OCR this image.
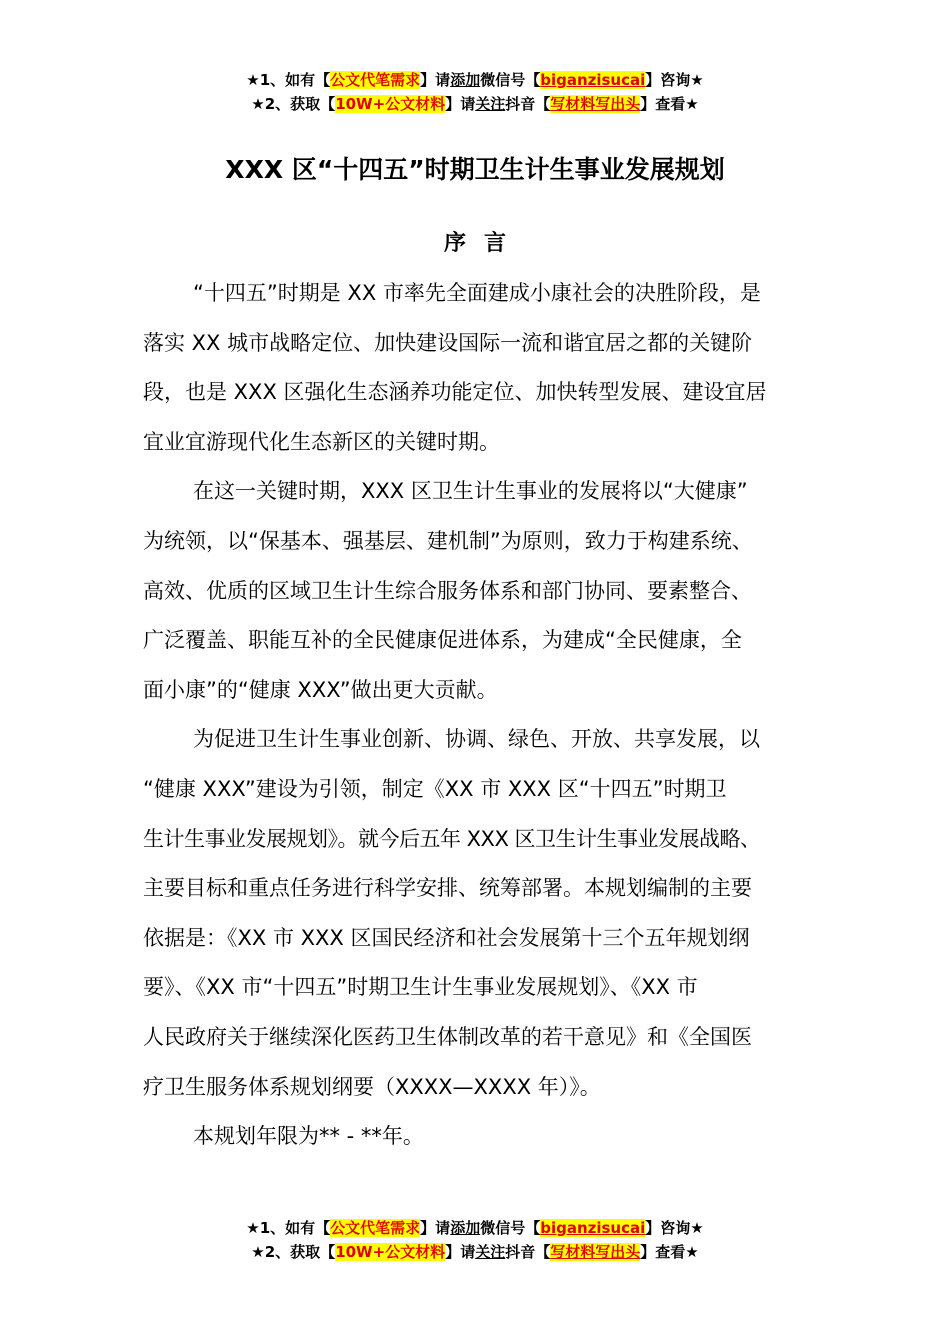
★1、如有【公文代笔需求】请添加微信号【biganzisucai】咨询★
★2、获取【10W+公文材料】请关注抖音【写材料写出头】查看★
XXX 区“十四五”时期卫生计生事业发展规划
序言
“十四五”时期是 XX 市率先全面建成小康社会的决胜阶段，是
落实 XX 城市战略定位、加快建设国际一流和谐宜居之都的关键阶
段，也是 XXX 区强化生态涵养功能定位、加快转型发展、建设宜居
宜业宜游现代化生态新区的关键时期。
在这一关键时期，XXX 区卫生计生事业的发展将以“大健康”
为统领，以“保基本、强基层、建机制”为原则，致力于构建系统、
高效、优质的区域卫生计生综合服务体系和部门协同、要素整合、
广泛覆盖、职能互补的全民健康促进体系，为建成“全民健康，全
面小康”的“健康 XXX”做出更大贡献。
为促进卫生计生事业创新、协调、绿色、开放、共享发展，以
“健康 XXX”建设为引领，制定《XX 市 XXX 区“十四五”时期卫
生计生事业发展规划》。就今后五年 XXX 区卫生计生事业发展战略、
主要目标和重点任务进行科学安排、统筹部署。本规划编制的主要
依据是：《XX 市 XXX 区国民经济和社会发展第十三个五年规划纲
要》、《XX 市“十四五”时期卫生计生事业发展规划》、《XX 市
人民政府关于继续深化医药卫生体制改革的若干意见》和《全国医
疗卫生服务体系规划纲要（XXXX—XXXX 年）》。
本规划年限为** - **年。
★1、如有【公文代笔需求】请添加微信号【biganzisucai】咨询★
★2、获取【10W+公文材料】请关注抖音【写材料写出头】查看★
